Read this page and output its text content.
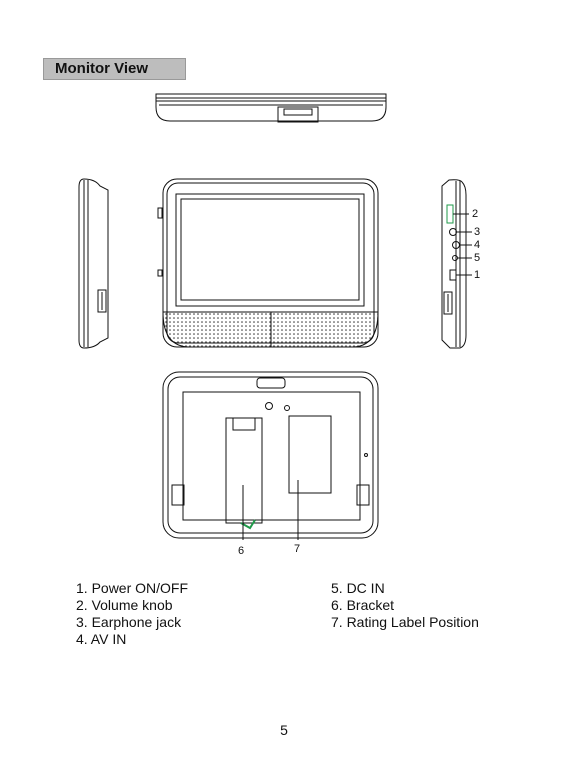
Monitor View
2
3
4
5
1
6	7
1. Power ON/OFF
2. Volume knob
3. Earphone jack
4. AV IN
5. DC IN
6. Bracket
7. Rating Label Position
5
